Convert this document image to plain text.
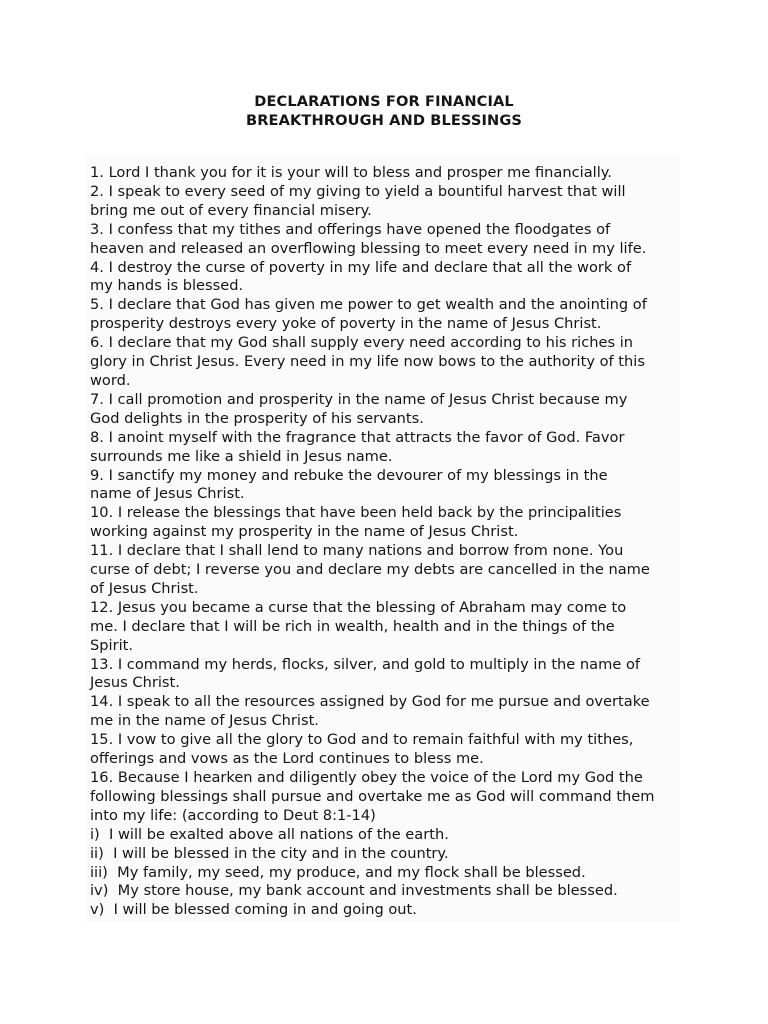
DECLARATIONS FOR FINANCIAL
BREAKTHROUGH AND BLESSINGS
1. Lord I thank you for it is your will to bless and prosper me financially.
2. I speak to every seed of my giving to yield a bountiful harvest that will
bring me out of every financial misery.
3. I confess that my tithes and offerings have opened the floodgates of
heaven and released an overflowing blessing to meet every need in my life.
4. I destroy the curse of poverty in my life and declare that all the work of
my hands is blessed.
5. I declare that God has given me power to get wealth and the anointing of
prosperity destroys every yoke of poverty in the name of Jesus Christ.
6. I declare that my God shall supply every need according to his riches in
glory in Christ Jesus. Every need in my life now bows to the authority of this
word.
7. I call promotion and prosperity in the name of Jesus Christ because my
God delights in the prosperity of his servants.
8. I anoint myself with the fragrance that attracts the favor of God. Favor
surrounds me like a shield in Jesus name.
9. I sanctify my money and rebuke the devourer of my blessings in the
name of Jesus Christ.
10. I release the blessings that have been held back by the principalities
working against my prosperity in the name of Jesus Christ.
11. I declare that I shall lend to many nations and borrow from none. You
curse of debt; I reverse you and declare my debts are cancelled in the name
of Jesus Christ.
12. Jesus you became a curse that the blessing of Abraham may come to
me. I declare that I will be rich in wealth, health and in the things of the
Spirit.
13. I command my herds, flocks, silver, and gold to multiply in the name of
Jesus Christ.
14. I speak to all the resources assigned by God for me pursue and overtake
me in the name of Jesus Christ.
15. I vow to give all the glory to God and to remain faithful with my tithes,
offerings and vows as the Lord continues to bless me.
16. Because I hearken and diligently obey the voice of the Lord my God the
following blessings shall pursue and overtake me as God will command them
into my life: (according to Deut 8:1-14)
i)  I will be exalted above all nations of the earth.
ii)  I will be blessed in the city and in the country.
iii)  My family, my seed, my produce, and my flock shall be blessed.
iv)  My store house, my bank account and investments shall be blessed.
v)  I will be blessed coming in and going out.
